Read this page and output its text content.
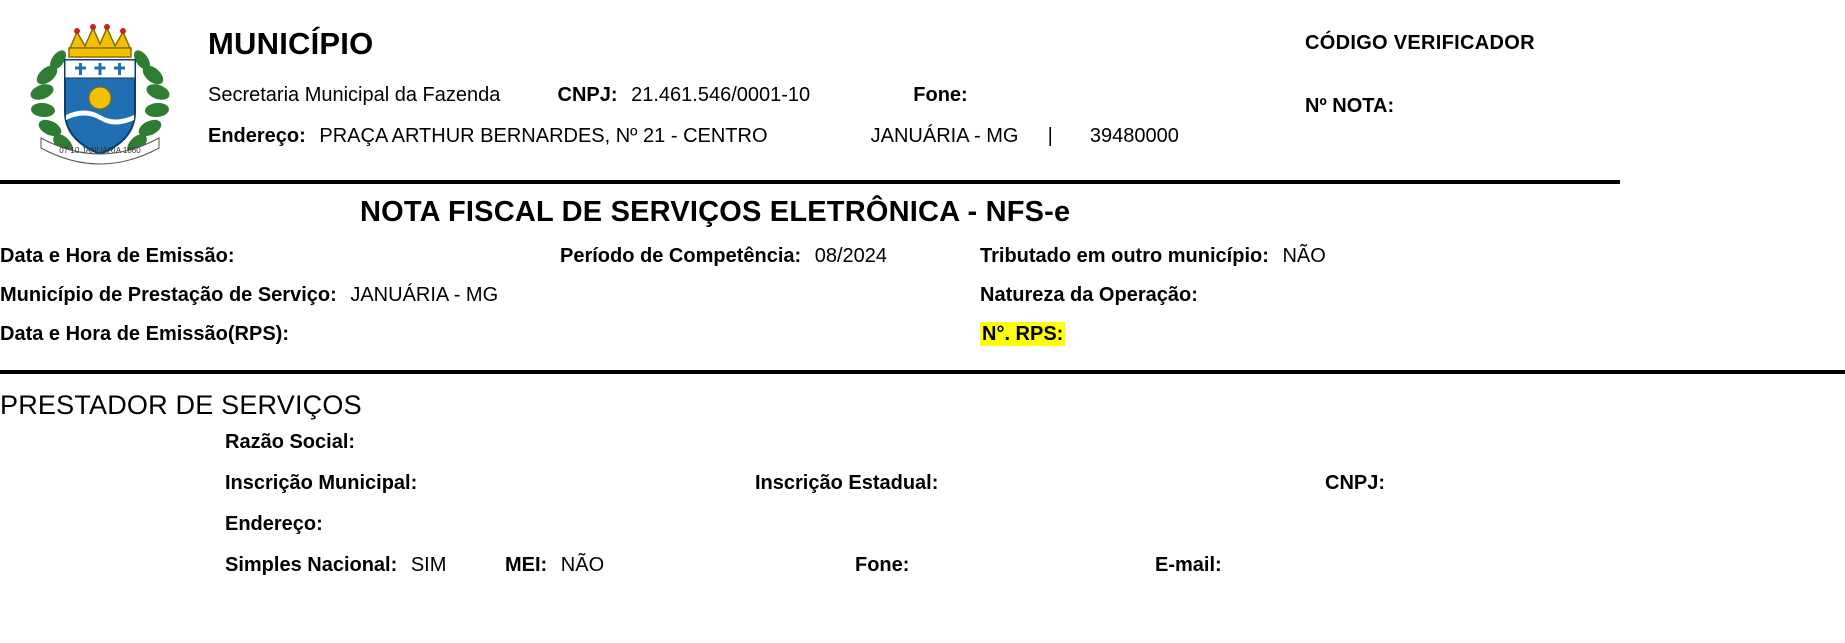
07 10 JANUÁRIA 1860
MUNICÍPIO
Secretaria Municipal da Fazenda	CNPJ: 21.461.546/0001-10	Fone:
Endereço: PRAÇA ARTHUR BERNARDES, Nº 21 - CENTRO	JANUÁRIA - MG | 39480000
CÓDIGO VERIFICADOR
Nº NOTA:
NOTA FISCAL DE SERVIÇOS ELETRÔNICA - NFS-e
Data e Hora de Emissão:	Período de Competência: 08/2024	Tributado em outro município: NÃO
Município de Prestação de Serviço: JANUÁRIA - MG	Natureza da Operação:
Data e Hora de Emissão(RPS):	N°. RPS:
PRESTADOR DE SERVIÇOS
Razão Social:
Inscrição Municipal:	Inscrição Estadual:	CNPJ:
Endereço:
Simples Nacional: SIM	MEI: NÃO	Fone:	E-mail:
